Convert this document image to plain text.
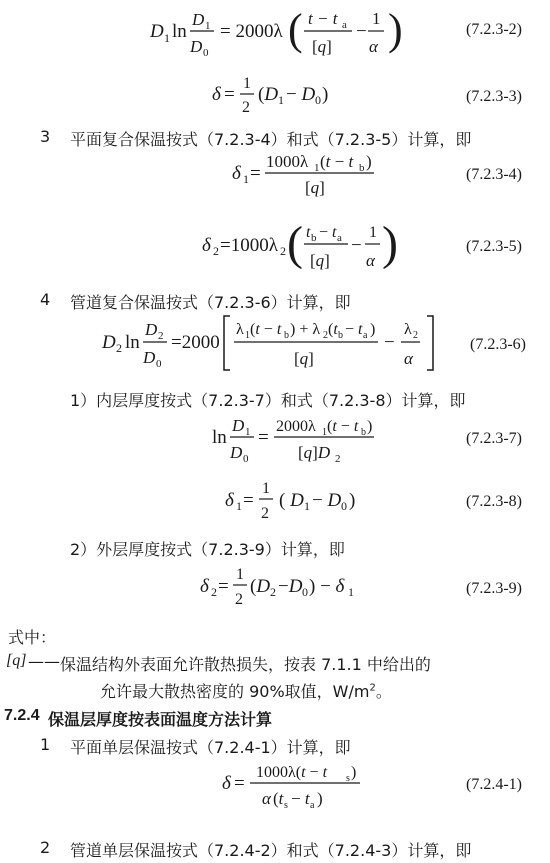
D 1 ln
D 1
D 0
= 2000λ ( t − t a
[q]
−
1
α )	(7.2.3-2)
δ =
1
2
(D 1 − D 0 )	(7.2.3-3)
3 平面复合保温按式（7.2.3-4）和式（7.2.3-5）计算，即
δ 1 =
1000λ 1 (t − t b )
[q]
(7.2.3-4)
δ 2 =1000λ 2 ( t b − t a
[q]
−
1
α )	(7.2.3-5)
4 管道复合保温按式（7.2.3-6）计算，即
D 2 ln
D 2
D 0
=2000
λ 1 (t − t b ) + λ 2 (t b − t a )
[q]
−
λ 2
α
(7.2.3-6)
1）内层厚度按式（7.2.3-7）和式（7.2.3-8）计算，即
ln
D 1
D 0
=
2000λ 1 (t − t b )
[q]D 2
(7.2.3-7)
δ 1 =
1
2
( D 1 − D 0 )	(7.2.3-8)
2）外层厚度按式（7.2.3-9）计算，即
δ 2 =
1
2
(D 2 −D 0 ) − δ 1	(7.2.3-9)
式中：
[q] —— 保温结构外表面允许散热损失，按表 7.1.1 中给出的
允许最大散热密度的 90%取值，$W/m^2$。
7.2.4 保温层厚度按表面温度方法计算
1 平面单层保温按式（7.2.4-1）计算，即
δ =
1000λ(t − t s )
α (t s − t a )
(7.2.4-1)
2 管道单层保温按式（7.2.4-2）和式（7.2.4-3）计算，即
